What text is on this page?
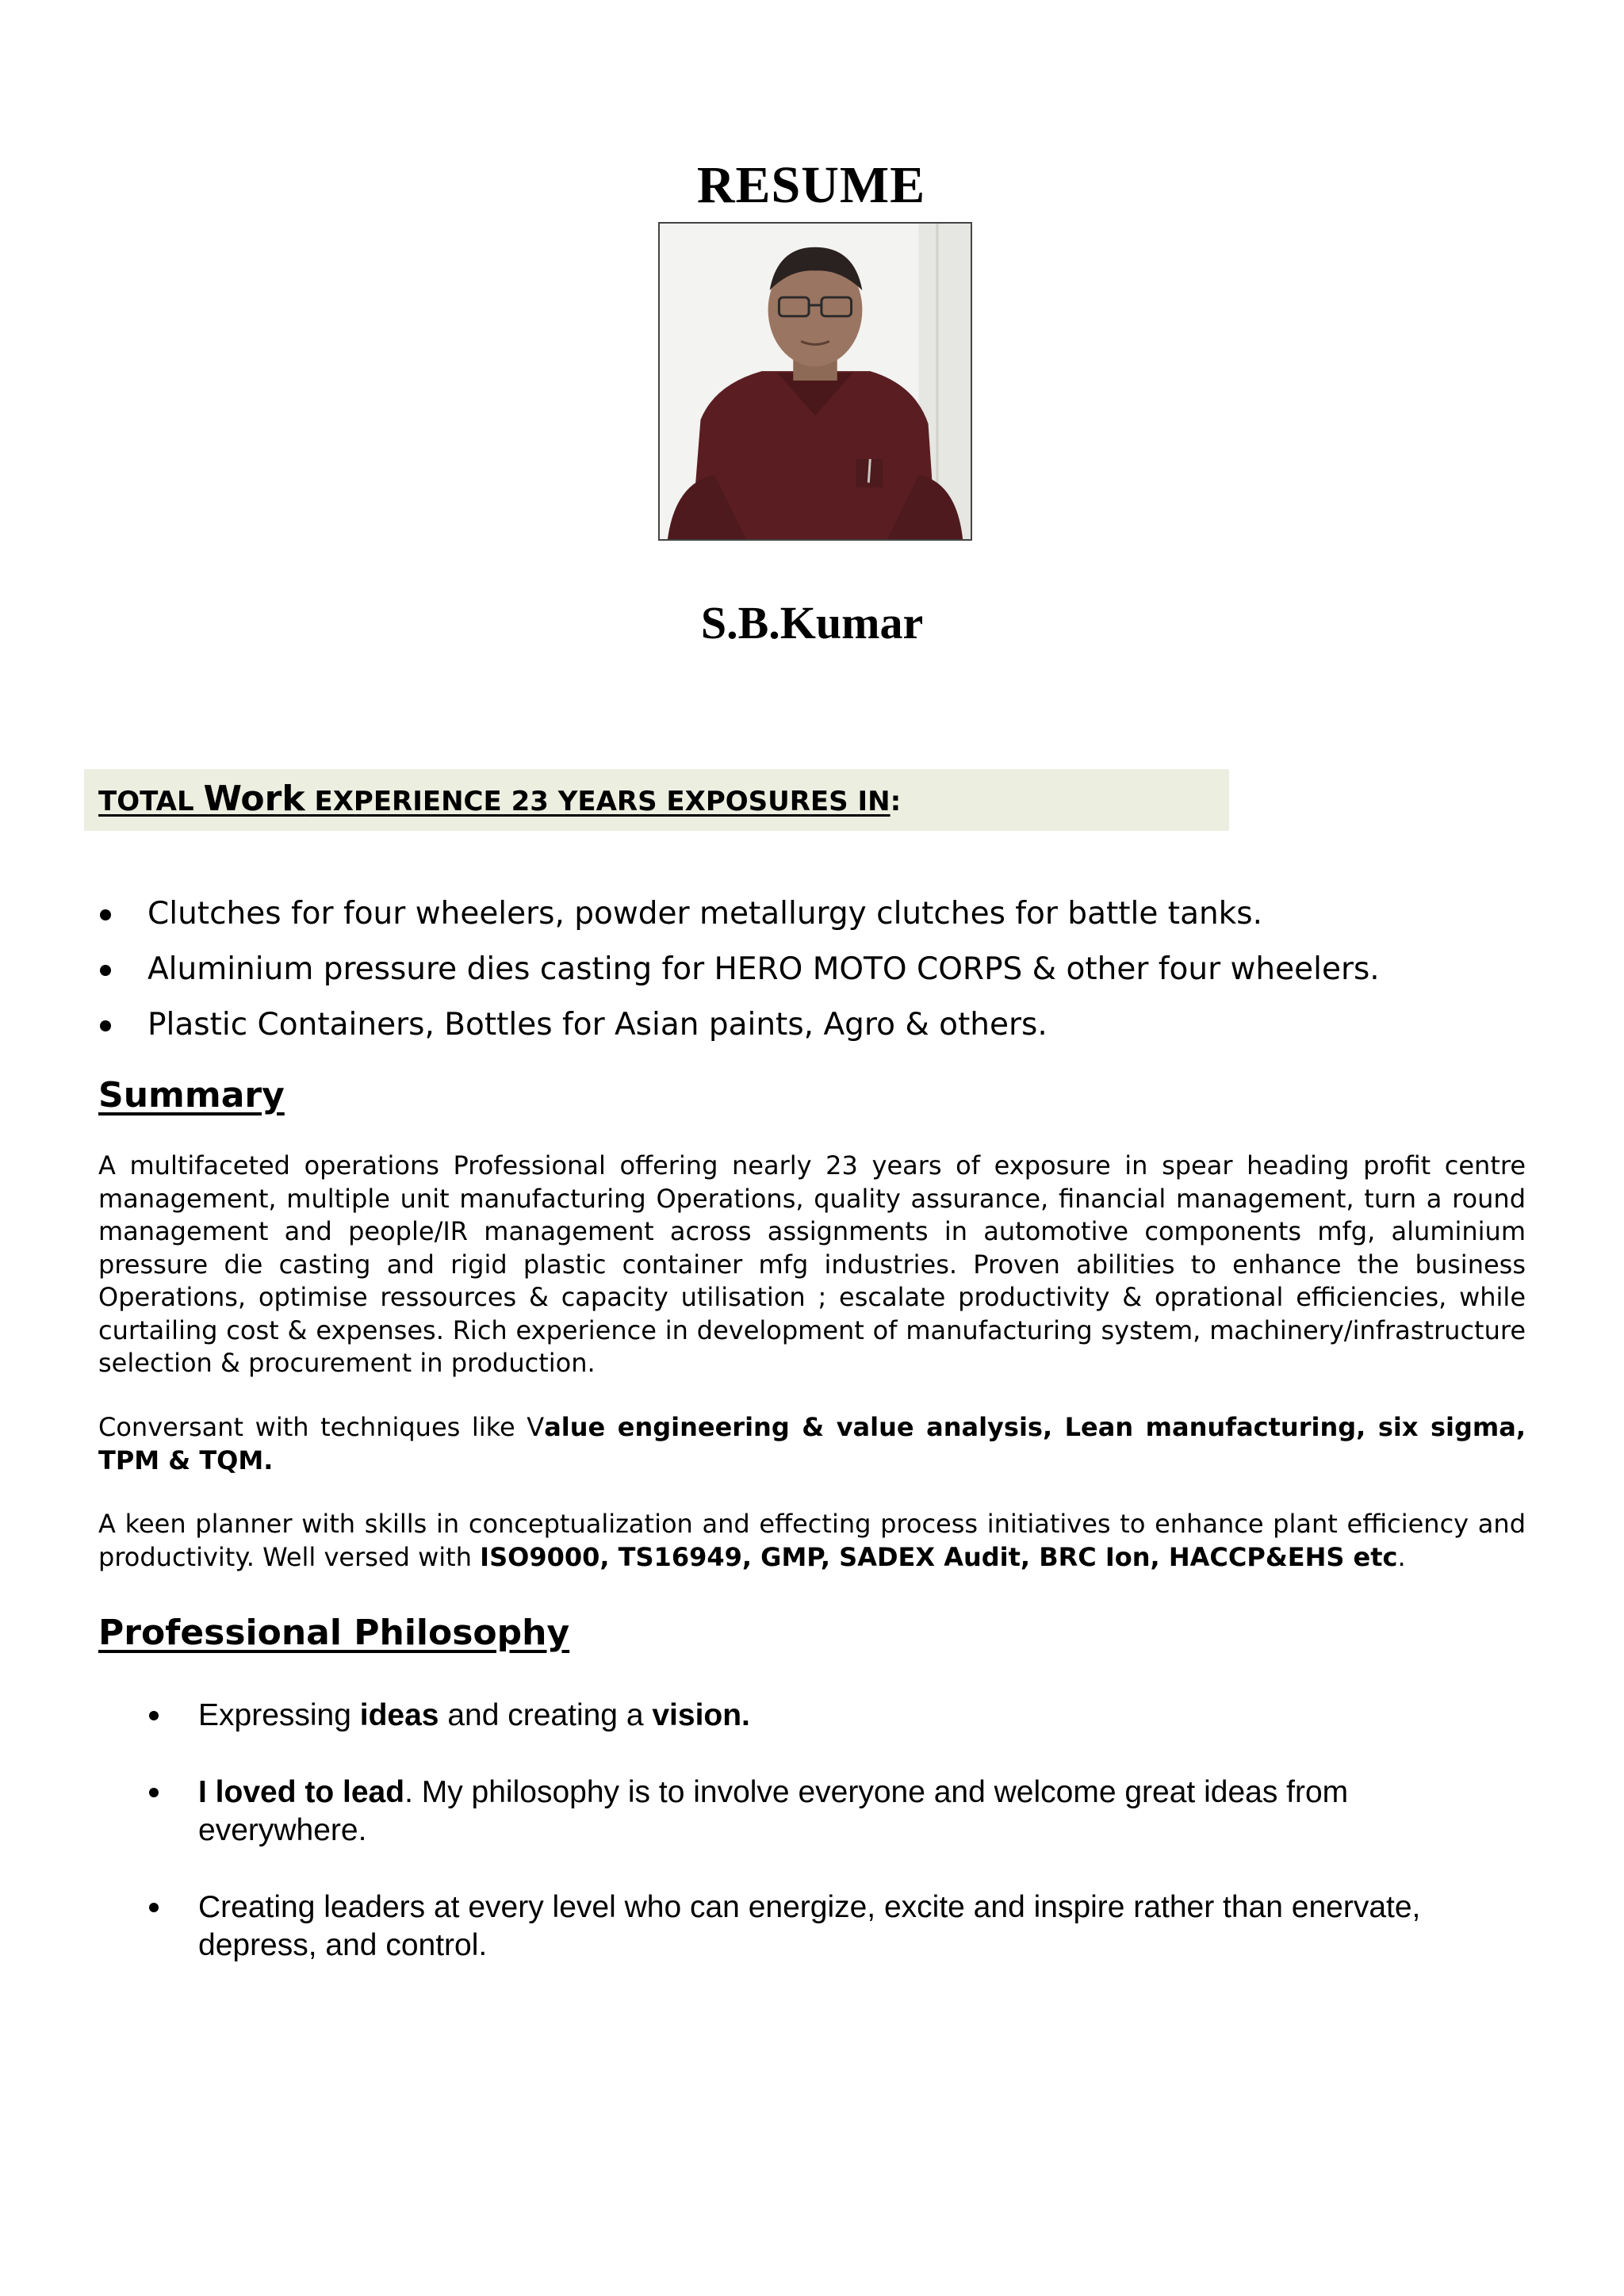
RESUME
S.B.Kumar
TOTAL Work EXPERIENCE 23 YEARS EXPOSURES IN:
Clutches for four wheelers, powder metallurgy clutches for battle tanks.
Aluminium pressure dies casting for HERO MOTO CORPS & other four wheelers.
Plastic Containers, Bottles for Asian paints, Agro & others.
Summary

A multifaceted operations Professional offering nearly 23 years of exposure in spear heading profit centre management, multiple unit manufacturing Operations, quality assurance, financial management, turn a round management and people/IR management across assignments in automotive components mfg, aluminium pressure die casting and rigid plastic container mfg industries. Proven abilities to enhance the business Operations, optimise ressources & capacity utilisation ; escalate productivity & oprational efficiencies, while curtailing cost & expenses. Rich experience in development of manufacturing system, machinery/infrastructure selection & procurement in production.

Conversant with techniques like Value engineering & value analysis, Lean manufacturing, six sigma, TPM & TQM.

A keen planner with skills in conceptualization and effecting process initiatives to enhance plant efficiency and productivity. Well versed with ISO9000, TS16949, GMP, SADEX Audit, BRC Ion, HACCP&EHS etc.

Professional Philosophy
Expressing ideas and creating a vision.
I loved to lead. My philosophy is to involve everyone and welcome great ideas from everywhere.
Creating leaders at every level who can energize, excite and inspire rather than enervate, depress, and control.
